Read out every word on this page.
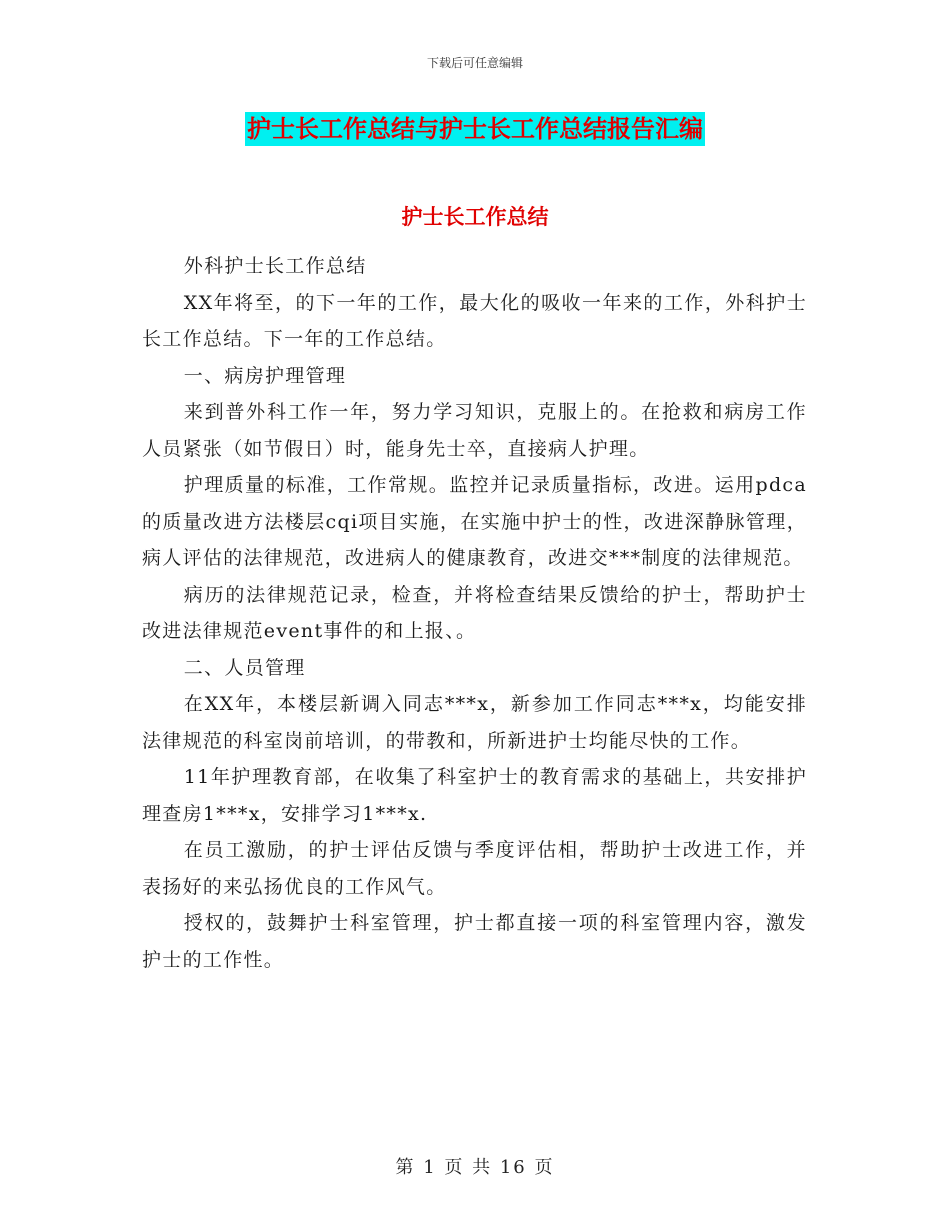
下载后可任意编辑
护士长工作总结与护士长工作总结报告汇编
护士长工作总结

外科护士长工作总结

XX年将至，的下一年的工作，最大化的吸收一年来的工作，外科护士长工作总结。下一年的工作总结。

一、病房护理管理

来到普外科工作一年，努力学习知识，克服上的。在抢救和病房工作人员紧张（如节假日）时，能身先士卒，直接病人护理。

护理质量的标准，工作常规。监控并记录质量指标，改进。运用pdca的质量改进方法楼层cqi项目实施，在实施中护士的性，改进深静脉管理，病人评估的法律规范，改进病人的健康教育，改进交***制度的法律规范。

病历的法律规范记录，检查，并将检查结果反馈给的护士，帮助护士改进法律规范event事件的和上报、。

二、人员管理

在XX年，本楼层新调入同志***x，新参加工作同志***x，均能安排法律规范的科室岗前培训，的带教和，所新进护士均能尽快的工作。

11年护理教育部，在收集了科室护士的教育需求的基础上，共安排护理查房1***x，安排学习1***x.

在员工激励，的护士评估反馈与季度评估相，帮助护士改进工作，并表扬好的来弘扬优良的工作风气。

授权的，鼓舞护士科室管理，护士都直接一项的科室管理内容，激发护士的工作性。

第 1 页 共 16 页
